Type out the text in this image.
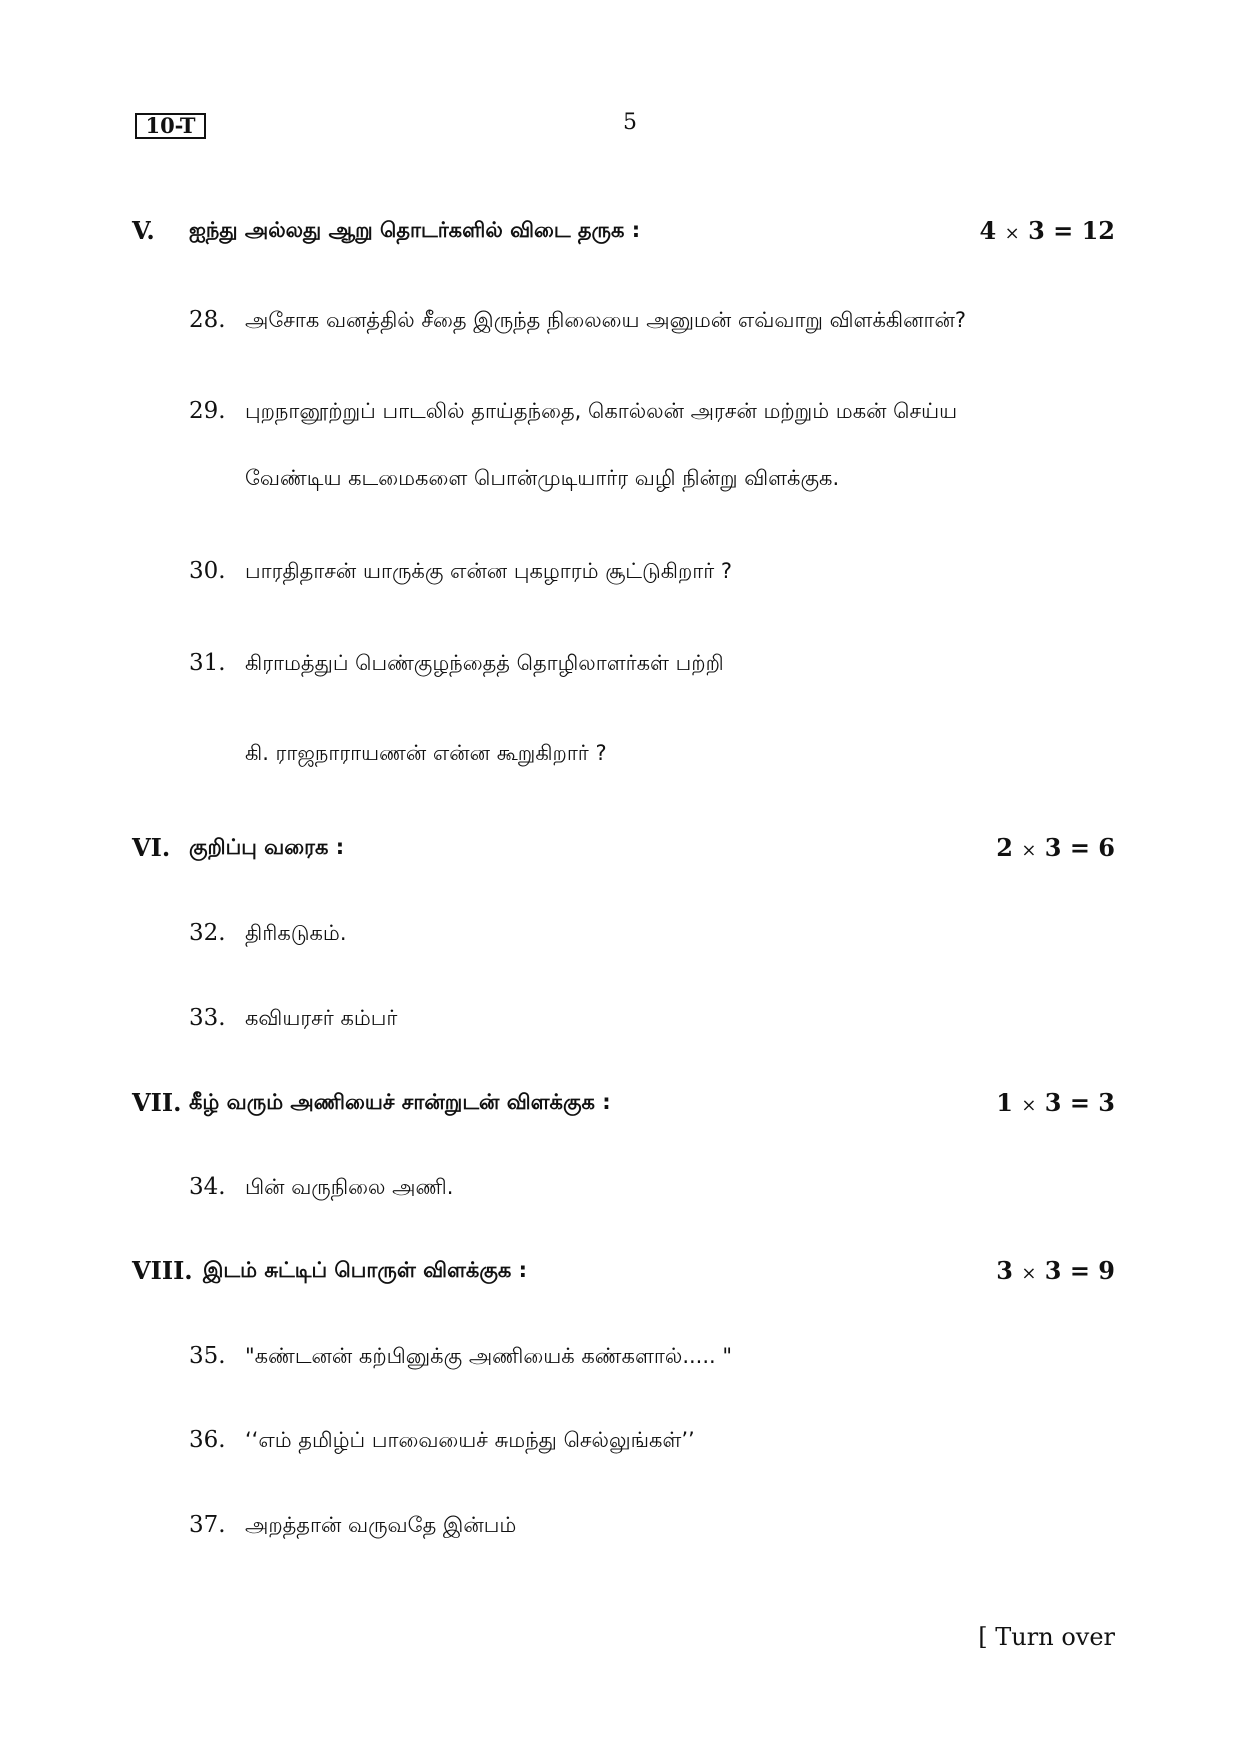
10-T	5
V. ஐந்து அல்லது ஆறு தொடர்களில் விடை தருக :	4 × 3 = 12
28. அசோக வனத்தில் சீதை இருந்த நிலையை அனுமன் எவ்வாறு விளக்கினான்?
29. புறநானூற்றுப் பாடலில் தாய்தந்தை, கொல்லன் அரசன் மற்றும் மகன் செய்ய
வேண்டிய கடமைகளை பொன்முடியார்ர வழி நின்று விளக்குக.
30. பாரதிதாசன் யாருக்கு என்ன புகழாரம் சூட்டுகிறார் ?
31. கிராமத்துப் பெண்குழந்தைத் தொழிலாளர்கள் பற்றி
கி. ராஜநாராயணன் என்ன கூறுகிறார் ?
VI. குறிப்பு வரைக :	2 × 3 = 6
32. திரிகடுகம்.
33. கவியரசர் கம்பர்
VII. கீழ் வரும் அணியைச் சான்றுடன் விளக்குக :	1 × 3 = 3
34. பின் வருநிலை அணி.
VIII. இடம் சுட்டிப் பொருள் விளக்குக :	3 × 3 = 9
35. "கண்டனன் கற்பினுக்கு அணியைக் கண்களால்..... "
36. ‘‘எம் தமிழ்ப் பாவையைச் சுமந்து செல்லுங்கள்’’
37. அறத்தான் வருவதே இன்பம்
[ Turn over
